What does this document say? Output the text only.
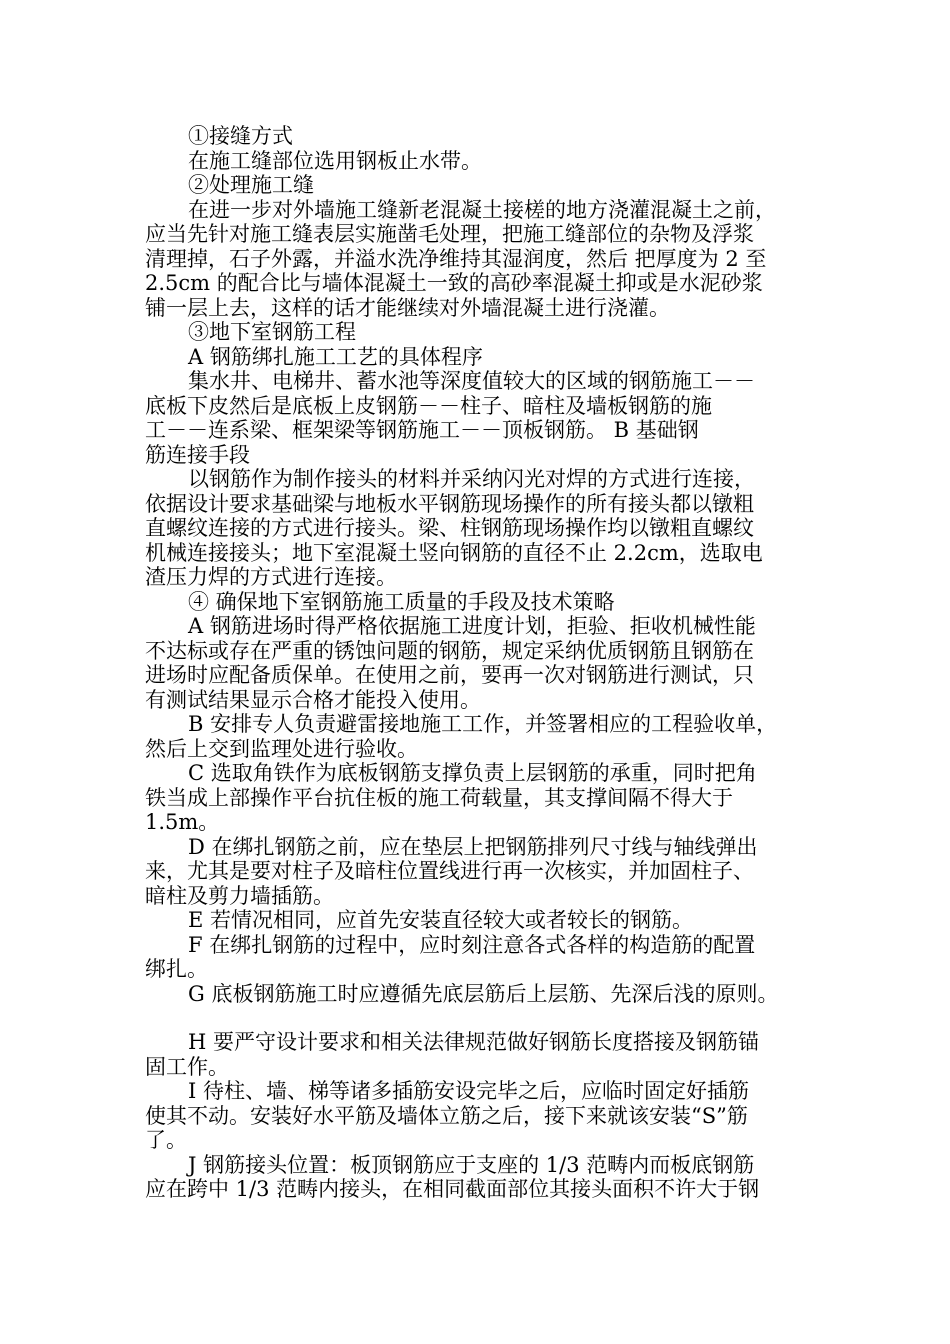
①接缝方式
在施工缝部位选用钢板止水带。
②处理施工缝
在进一步对外墙施工缝新老混凝土接槎的地方浇灌混凝土之前，
应当先针对施工缝表层实施凿毛处理，把施工缝部位的杂物及浮浆
清理掉，石子外露，并溢水洗净维持其湿润度，然后 把厚度为 2 至
2.5cm 的配合比与墙体混凝土一致的高砂率混凝土抑或是水泥砂浆
铺一层上去，这样的话才能继续对外墙混凝土进行浇灌。
③地下室钢筋工程
A 钢筋绑扎施工工艺的具体程序
集水井、电梯井、蓄水池等深度值较大的区域的钢筋施工－－
底板下皮然后是底板上皮钢筋－－柱子、暗柱及墙板钢筋的施
工－－连系梁、框架梁等钢筋施工－－顶板钢筋。 B 基础钢
筋连接手段
以钢筋作为制作接头的材料并采纳闪光对焊的方式进行连接，
依据设计要求基础梁与地板水平钢筋现场操作的所有接头都以镦粗
直螺纹连接的方式进行接头。梁、柱钢筋现场操作均以镦粗直螺纹
机械连接接头；地下室混凝土竖向钢筋的直径不止 2.2cm，选取电
渣压力焊的方式进行连接。
④ 确保地下室钢筋施工质量的手段及技术策略
A 钢筋进场时得严格依据施工进度计划，拒验、拒收机械性能
不达标或存在严重的锈蚀问题的钢筋，规定采纳优质钢筋且钢筋在
进场时应配备质保单。在使用之前，要再一次对钢筋进行测试，只
有测试结果显示合格才能投入使用。
B 安排专人负责避雷接地施工工作，并签署相应的工程验收单，
然后上交到监理处进行验收。
C 选取角铁作为底板钢筋支撑负责上层钢筋的承重，同时把角
铁当成上部操作平台抗住板的施工荷载量，其支撑间隔不得大于
1.5m。
D 在绑扎钢筋之前，应在垫层上把钢筋排列尺寸线与轴线弹出
来，尤其是要对柱子及暗柱位置线进行再一次核实，并加固柱子、
暗柱及剪力墙插筋。
E 若情况相同，应首先安装直径较大或者较长的钢筋。
F 在绑扎钢筋的过程中，应时刻注意各式各样的构造筋的配置
绑扎。
G 底板钢筋施工时应遵循先底层筋后上层筋、先深后浅的原则。
H 要严守设计要求和相关法律规范做好钢筋长度搭接及钢筋锚
固工作。
I 待柱、墙、梯等诸多插筋安设完毕之后，应临时固定好插筋
使其不动。安装好水平筋及墙体立筋之后，接下来就该安装“S”筋
了。
J 钢筋接头位置：板顶钢筋应于支座的 1/3 范畴内而板底钢筋
应在跨中 1/3 范畴内接头，在相同截面部位其接头面积不许大于钢
